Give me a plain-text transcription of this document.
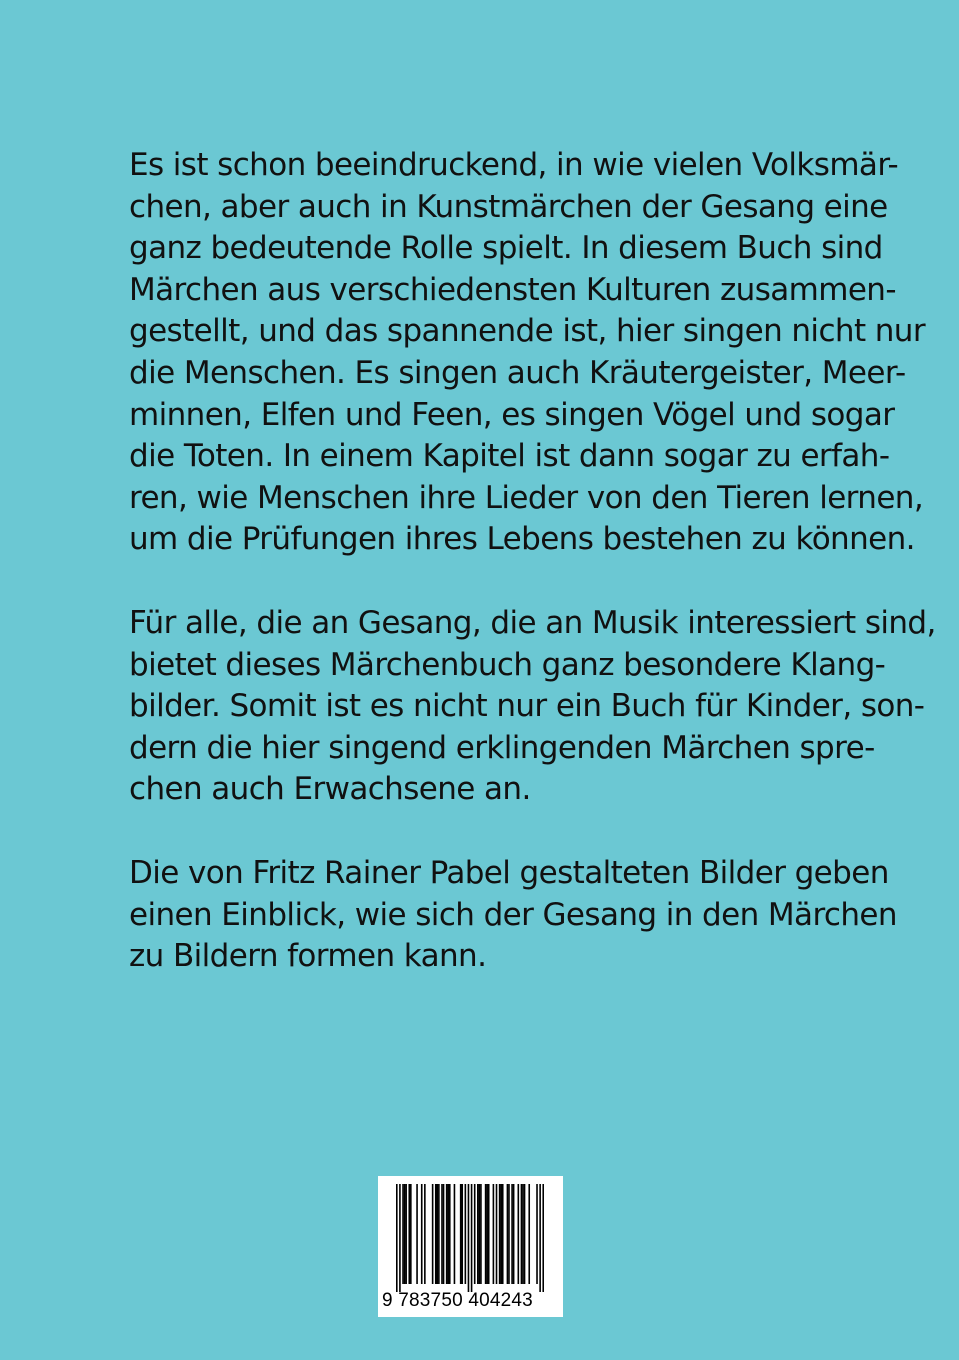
Es ist schon beeindruckend, in wie vielen Volksmär-
chen, aber auch in Kunstmärchen der Gesang eine
ganz bedeutende Rolle spielt. In diesem Buch sind
Märchen aus verschiedensten Kulturen zusammen-
gestellt, und das spannende ist, hier singen nicht nur
die Menschen. Es singen auch Kräutergeister, Meer-
minnen, Elfen und Feen, es singen Vögel und sogar
die Toten. In einem Kapitel ist dann sogar zu erfah-
ren, wie Menschen ihre Lieder von den Tieren lernen,
um die Prüfungen ihres Lebens bestehen zu können.
Für alle, die an Gesang, die an Musik interessiert sind,
bietet dieses Märchenbuch ganz besondere Klang-
bilder. Somit ist es nicht nur ein Buch für Kinder, son-
dern die hier singend erklingenden Märchen spre-
chen auch Erwachsene an.
Die von Fritz Rainer Pabel gestalteten Bilder geben
einen Einblick, wie sich der Gesang in den Märchen
zu Bildern formen kann.
9 783750 404243
